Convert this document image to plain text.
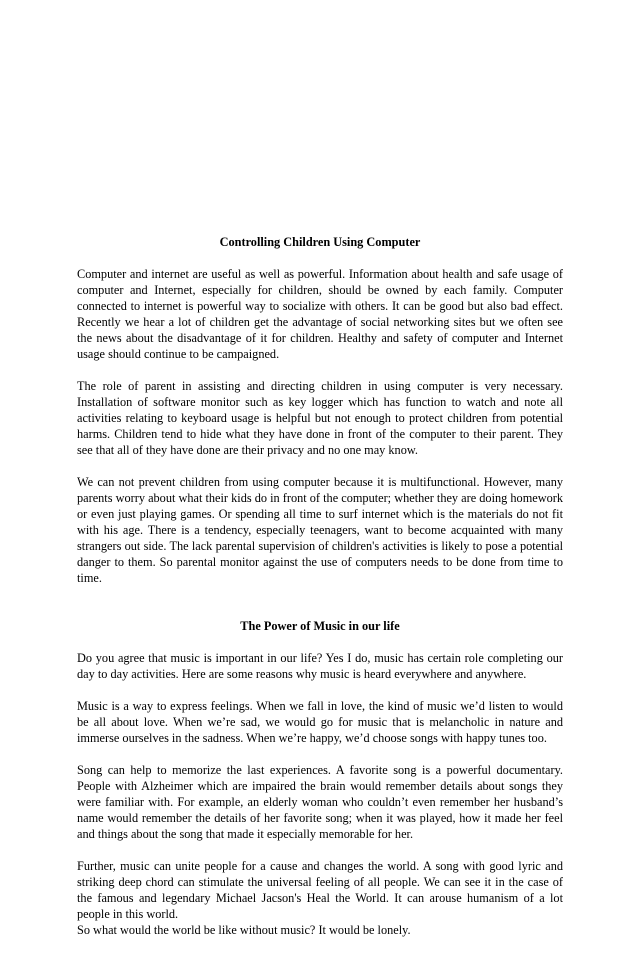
Controlling Children Using Computer

Computer and internet are useful as well as powerful. Information about health and safe usage of computer and Internet, especially for children, should be owned by each family. Computer connected to internet is powerful way to socialize with others. It can be good but also bad effect. Recently we hear a lot of children get the advantage of social networking sites but we often see the news about the disadvantage of it for children. Healthy and safety of computer and Internet usage should continue to be campaigned.

The role of parent in assisting and directing children in using computer is very necessary. Installation of software monitor such as key logger which has function to watch and note all activities relating to keyboard usage is helpful but not enough to protect children from potential harms. Children tend to hide what they have done in front of the computer to their parent. They see that all of they have done are their privacy and no one may know.

We can not prevent children from using computer because it is multifunctional. However, many parents worry about what their kids do in front of the computer; whether they are doing homework or even just playing games. Or spending all time to surf internet which is the materials do not fit with his age. There is a tendency, especially teenagers, want to become acquainted with many strangers out side. The lack parental supervision of children's activities is likely to pose a potential danger to them. So parental monitor against the use of computers needs to be done from time to time.

The Power of Music in our life

Do you agree that music is important in our life? Yes I do, music has certain role completing our day to day activities. Here are some reasons why music is heard everywhere and anywhere.

Music is a way to express feelings. When we fall in love, the kind of music we’d listen to would be all about love. When we’re sad, we would go for music that is melancholic in nature and immerse ourselves in the sadness. When we’re happy, we’d choose songs with happy tunes too.

Song can help to memorize the last experiences. A favorite song is a powerful documentary. People with Alzheimer which are impaired the brain would remember details about songs they were familiar with. For example, an elderly woman who couldn’t even remember her husband’s name would remember the details of her favorite song; when it was played, how it made her feel and things about the song that made it especially memorable for her.

Further, music can unite people for a cause and changes the world. A song with good lyric and striking deep chord can stimulate the universal feeling of all people. We can see it in the case of the famous and legendary Michael Jacson's Heal the World. It can arouse humanism of a lot people in this world.

So what would the world be like without music? It would be lonely.
